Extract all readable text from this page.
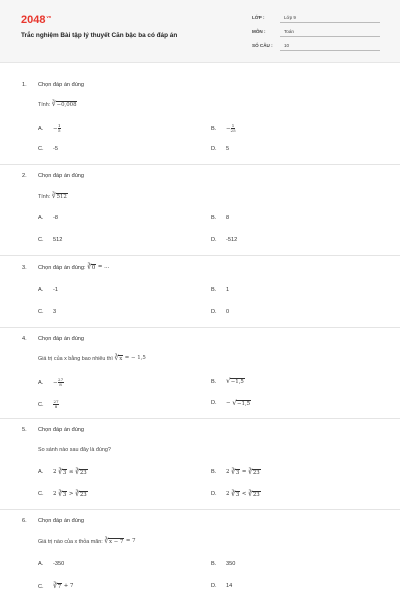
$2048^{vn}$
Trắc nghiệm Bài tập lý thuyết Căn bậc ba có đáp án
LỚP :	Lớp 9
MÔN :	Toán
SỐ CÂU : 10
1. Chọn đáp án đúng
Tính: ∛ −0,008
A. − $\frac{1}{5}$	B. − $\frac{1}{25}$
C. -5	D. 5
2. Chọn đáp án đúng
Tính: ∛ 512
A. -8	B. 8
C. 512	D. -512
3. Chọn đáp án đúng: ∛ 0 = ...
A. -1	B. 1
C. 3	D. 0
4. Chọn đáp án đúng
Giá trị của x bằng bao nhiêu thì ∛ x = − 1,5
A. − $\frac{27}{8}$	B. √ −1,5
C. $\frac{27}{8}$	D. − √ −1,5
5. Chọn đáp án đúng
So sánh nào sau đây là đúng?
A. 2 ∛ 3 ≤ ∛ 23	B. 2 ∛ 3 = ∛ 23
C. 2 ∛ 3 > ∛ 23	D. 2 ∛ 3 < ∛ 23
6. Chọn đáp án đúng
Giá trị nào của x thỏa mãn: ∛ x − 7 = 7
A. -350	B. 350
C. ∛ 7 + 7	D. 14
